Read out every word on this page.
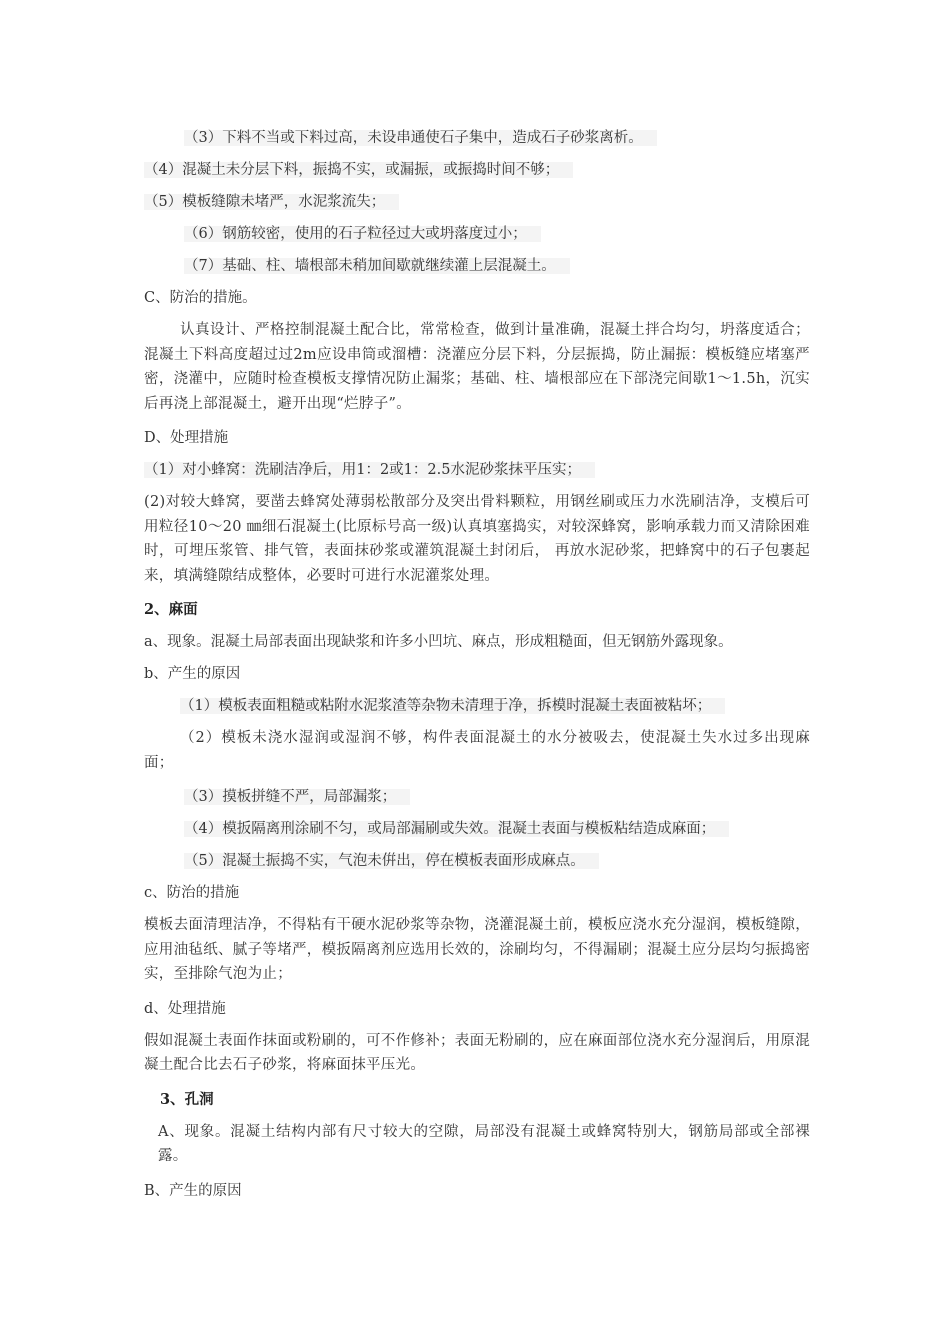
（3）下料不当或下料过高，未设串通使石子集中，造成石子砂浆离析。
（4）混凝土未分层下料，振捣不实，或漏振，或振捣时间不够；
（5）模板缝隙未堵严，水泥浆流失；
（6）钢筋较密，使用的石子粒径过大或坍落度过小；
（7）基础、柱、墙根部未稍加间歇就继续灌上层混凝土。
C、防治的措施。
认真设计、严格控制混凝土配合比，常常检查，做到计量准确，混凝土拌合均匀，坍落度适合；混凝土下料高度超过过2m应设串筒或溜槽：浇灌应分层下料，分层振捣，防止漏振：模板缝应堵塞严密，浇灌中，应随时检查模板支撑情况防止漏浆；基础、柱、墙根部应在下部浇完间歇1～1.5h，沉实后再浇上部混凝土，避开出现“烂脖子”。
D、处理措施
（1）对小蜂窝：洗刷洁净后，用1：2或1：2.5水泥砂浆抹平压实；
(2)对较大蜂窝，要凿去蜂窝处薄弱松散部分及突出骨料颗粒，用钢丝刷或压力水洗刷洁净，支模后可用粒径10～20 ㎜细石混凝土(比原标号高一级)认真填塞捣实，对较深蜂窝，影响承载力而又清除困难时，可埋压浆管、排气管，表面抹砂浆或灌筑混凝土封闭后， 再放水泥砂浆，把蜂窝中的石子包裹起来，填满缝隙结成整体，必要时可进行水泥灌浆处理。
2、麻面
a、现象。混凝土局部表面出现缺浆和许多小凹坑、麻点，形成粗糙面，但无钢筋外露现象。
b、产生的原因
（1）模板表面粗糙或粘附水泥浆渣等杂物未清理于净，拆模时混凝土表面被粘坏；
（2）模板未浇水湿润或湿润不够，构件表面混凝土的水分被吸去，使混凝土失水过多出现麻面；
（3）摸板拼缝不严，局部漏浆；
（4）模扳隔离刑涂刷不匀，或局部漏刷或失效。混凝土表面与模板粘结造成麻面；
（5）混凝土振捣不实，气泡未倂出，停在模板表面形成麻点。
c、防治的措施
模板去面清理洁净，不得粘有干硬水泥砂浆等杂物，浇灌混凝土前，模板应浇水充分湿润，模板缝隙，应用油毡纸、腻子等堵严，模扳隔离剂应选用长效的，涂刷均匀，不得漏刷；混凝土应分层均匀振捣密实，至排除气泡为止；
d、处理措施
假如混凝土表面作抹面或粉刷的，可不作修补；表面无粉刷的，应在麻面部位浇水充分湿润后，用原混凝土配合比去石子砂浆，将麻面抹平压光。
3、孔洞
A、现象。混凝土结构内部有尺寸较大的空隙，局部没有混凝土或蜂窝特别大，钢筋局部或全部裸露。
B、产生的原因
